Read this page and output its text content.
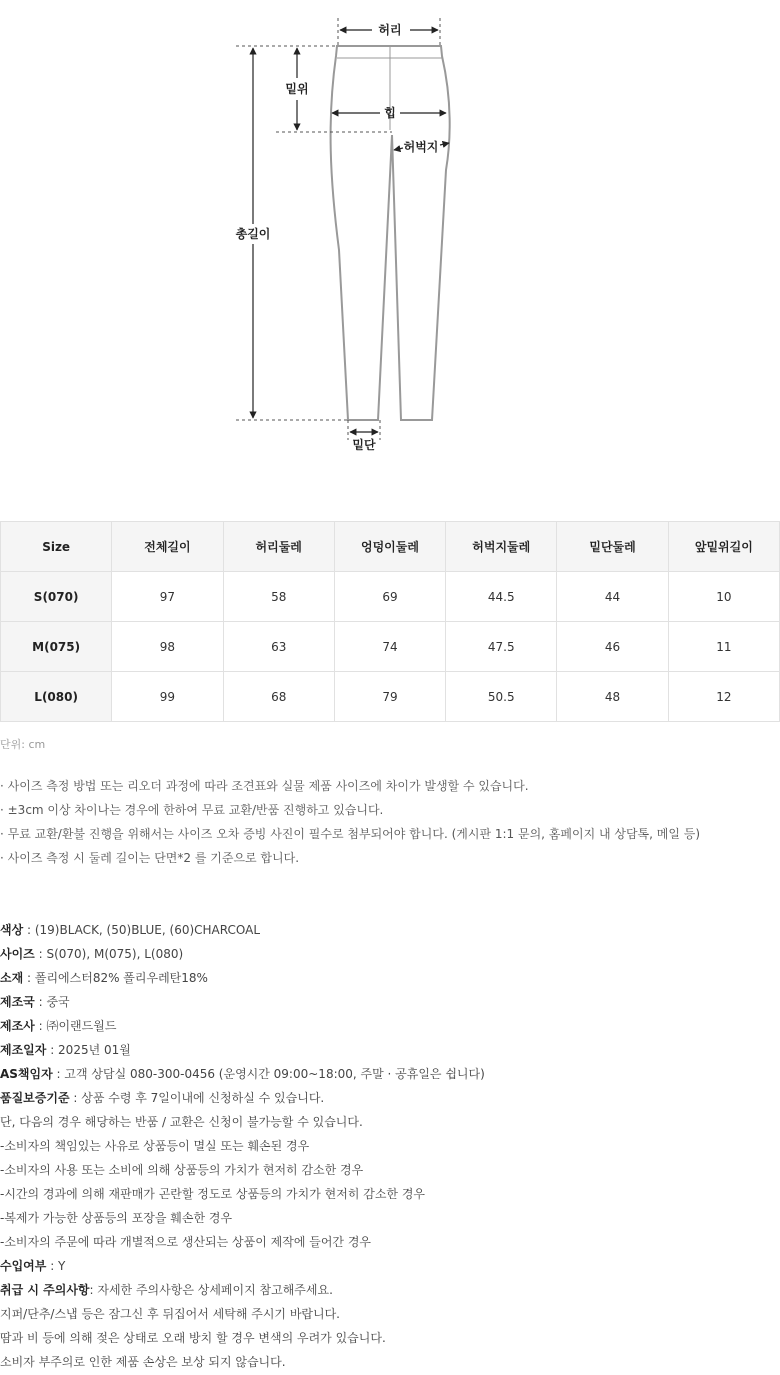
허리
밑위
힙
허벅지
총길이
밑단
Size	전체길이	허리둘레	엉덩이둘레	허벅지둘레	밑단둘레	앞밑위길이
S(070)	97	58	69	44.5	44	10
M(075)	98	63	74	47.5	46	11
L(080)	99	68	79	50.5	48	12
단위: cm
· 사이즈 측정 방법 또는 리오더 과정에 따라 조견표와 실물 제품 사이즈에 차이가 발생할 수 있습니다.
· ±3cm 이상 차이나는 경우에 한하여 무료 교환/반품 진행하고 있습니다.
· 무료 교환/환불 진행을 위해서는 사이즈 오차 증빙 사진이 필수로 첨부되어야 합니다. (게시판 1:1 문의, 홈페이지 내 상담톡, 메일 등)
· 사이즈 측정 시 둘레 길이는 단면*2 를 기준으로 합니다.
색상 : (19)BLACK, (50)BLUE, (60)CHARCOAL
사이즈 : S(070), M(075), L(080)
소재 : 폴리에스터82% 폴리우레탄18%
제조국 : 중국
제조사 : ㈜이랜드월드
제조일자 : 2025년 01월
AS책임자 : 고객 상담실 080-300-0456 (운영시간 09:00~18:00, 주말 · 공휴일은 쉽니다)
품질보증기준 : 상품 수령 후 7일이내에 신청하실 수 있습니다.
단, 다음의 경우 해당하는 반품 / 교환은 신청이 불가능할 수 있습니다.
-소비자의 책임있는 사유로 상품등이 멸실 또는 훼손된 경우
-소비자의 사용 또는 소비에 의해 상품등의 가치가 현저히 감소한 경우
-시간의 경과에 의해 재판매가 곤란할 정도로 상품등의 가치가 현저히 감소한 경우
-복제가 가능한 상품등의 포장을 훼손한 경우
-소비자의 주문에 따라 개별적으로 생산되는 상품이 제작에 들어간 경우
수입여부 : Y
취급 시 주의사항: 자세한 주의사항은 상세페이지 참고해주세요.
지퍼/단추/스냅 등은 잠그신 후 뒤집어서 세탁해 주시기 바랍니다.
땀과 비 등에 의해 젖은 상태로 오래 방치 할 경우 변색의 우려가 있습니다.
소비자 부주의로 인한 제품 손상은 보상 되지 않습니다.
